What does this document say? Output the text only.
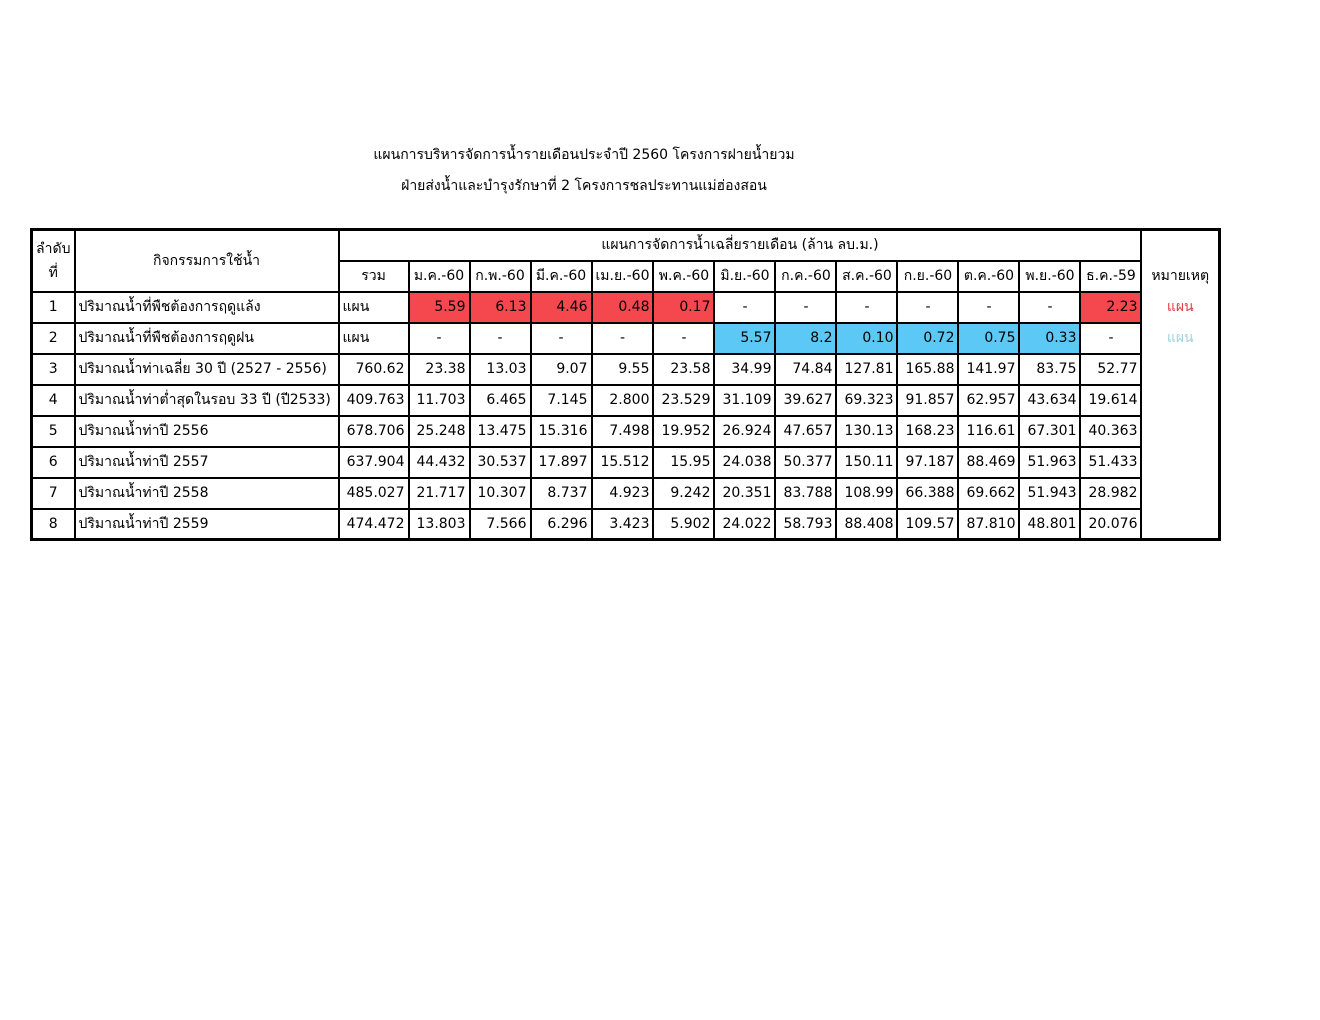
แผนการบริหารจัดการน้ำรายเดือนประจำปี 2560 โครงการฝายน้ำยวม
ฝ่ายส่งน้ำและบำรุงรักษาที่ 2 โครงการชลประทานแม่ฮ่องสอน
ลำดับ
ที่	กิจกรรมการใช้น้ำ	แผนการจัดการน้ำเฉลี่ยรายเดือน (ล้าน ลบ.ม.)													
		รวม	ม.ค.-60	ก.พ.-60	มี.ค.-60	เม.ย.-60	พ.ค.-60	มิ.ย.-60	ก.ค.-60	ส.ค.-60	ก.ย.-60	ต.ค.-60	พ.ย.-60	ธ.ค.-59	หมายเหตุ
1	ปริมาณน้ำที่พืชต้องการฤดูแล้ง	แผน	5.59	6.13	4.46	0.48	0.17	-	-	-	-	-	-	2.23	แผน
2	ปริมาณน้ำที่พืชต้องการฤดูฝน	แผน	-	-	-	-	-	5.57	8.2	0.10	0.72	0.75	0.33	-	แผน
3	ปริมาณน้ำท่าเฉลี่ย 30 ปี (2527 - 2556)	760.62	23.38	13.03	9.07	9.55	23.58	34.99	74.84	127.81	165.88	141.97	83.75	52.77	
4	ปริมาณน้ำท่าต่ำสุดในรอบ 33 ปี (ปี2533)	409.763	11.703	6.465	7.145	2.800	23.529	31.109	39.627	69.323	91.857	62.957	43.634	19.614	
5	ปริมาณน้ำท่าปี 2556	678.706	25.248	13.475	15.316	7.498	19.952	26.924	47.657	130.13	168.23	116.61	67.301	40.363	
6	ปริมาณน้ำท่าปี 2557	637.904	44.432	30.537	17.897	15.512	15.95	24.038	50.377	150.11	97.187	88.469	51.963	51.433	
7	ปริมาณน้ำท่าปี 2558	485.027	21.717	10.307	8.737	4.923	9.242	20.351	83.788	108.99	66.388	69.662	51.943	28.982	
8	ปริมาณน้ำท่าปี 2559	474.472	13.803	7.566	6.296	3.423	5.902	24.022	58.793	88.408	109.57	87.810	48.801	20.076	
